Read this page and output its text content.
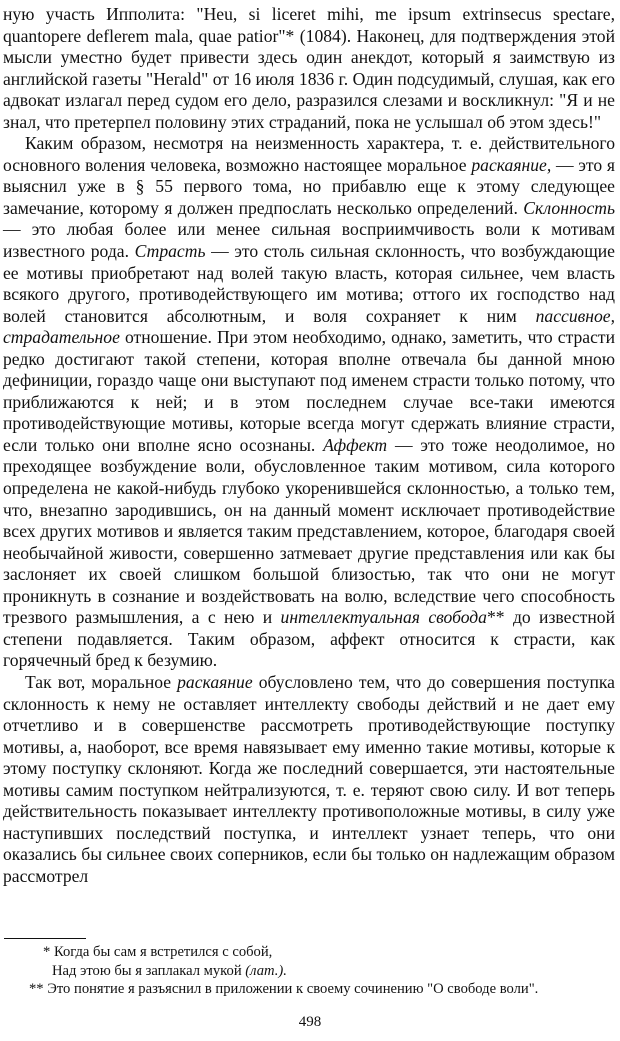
ную участь Ипполита: "Heu, si liceret mihi, me ipsum extrinsecus spectare, quantopere deflerem mala, quae patior"* (1084). Наконец, для подтверждения этой мысли уместно будет привести здесь один анекдот, который я заимствую из английской газеты "Herald" от 16 июля 1836 г. Один подсудимый, слушая, как его адвокат излагал перед судом его дело, разразился слезами и воскликнул: "Я и не знал, что претерпел половину этих страданий, пока не услышал об этом здесь!"

Каким образом, несмотря на неизменность характера, т. е. действительного основного воления человека, возможно настоящее моральное раскаяние, — это я выяснил уже в § 55 первого тома, но прибавлю еще к этому следующее замечание, которому я должен предпослать несколько определений. Склонность — это любая более или менее сильная восприимчивость воли к мотивам известного рода. Страсть — это столь сильная склонность, что возбуждающие ее мотивы приобретают над волей такую власть, которая сильнее, чем власть всякого другого, противодействующего им мотива; оттого их господство над волей становится абсолютным, и воля сохраняет к ним пассивное, страдательное отношение. При этом необходимо, однако, заметить, что страсти редко достигают такой степени, которая вполне отвечала бы данной мною дефиниции, гораздо чаще они выступают под именем страсти только потому, что приближаются к ней; и в этом последнем случае все-таки имеются противодействующие мотивы, которые всегда могут сдержать влияние страсти, если только они вполне ясно осознаны. Аффект — это тоже неодолимое, но преходящее возбуждение воли, обусловленное таким мотивом, сила которого определена не какой-нибудь глубоко укоренившейся склонностью, а только тем, что, внезапно зародившись, он на данный момент исключает противодействие всех других мотивов и является таким представлением, которое, благодаря своей необычайной живости, совершенно затмевает другие представления или как бы заслоняет их своей слишком большой близостью, так что они не могут проникнуть в сознание и воздействовать на волю, вследствие чего способность трезвого размышления, а с нею и интеллектуальная свобода** до известной степени подавляется. Таким образом, аффект относится к страсти, как горячечный бред к безумию.

Так вот, моральное раскаяние обусловлено тем, что до совершения поступка склонность к нему не оставляет интеллекту свободы действий и не дает ему отчетливо и в совершенстве рассмотреть противодействующие поступку мотивы, а, наоборот, все время навязывает ему именно такие мотивы, которые к этому поступку склоняют. Когда же последний совершается, эти настоятельные мотивы самим поступком нейтрализуются, т. е. теряют свою силу. И вот теперь действительность показывает интеллекту противоположные мотивы, в силу уже наступивших последствий поступка, и интеллект узнает теперь, что они оказались бы сильнее своих соперников, если бы только он надлежащим образом рассмотрел

* Когда бы сам я встретился с собой,

Над этою бы я заплакал мукой (лат.).

** Это понятие я разъяснил в приложении к своему сочинению "О свободе воли".

498
